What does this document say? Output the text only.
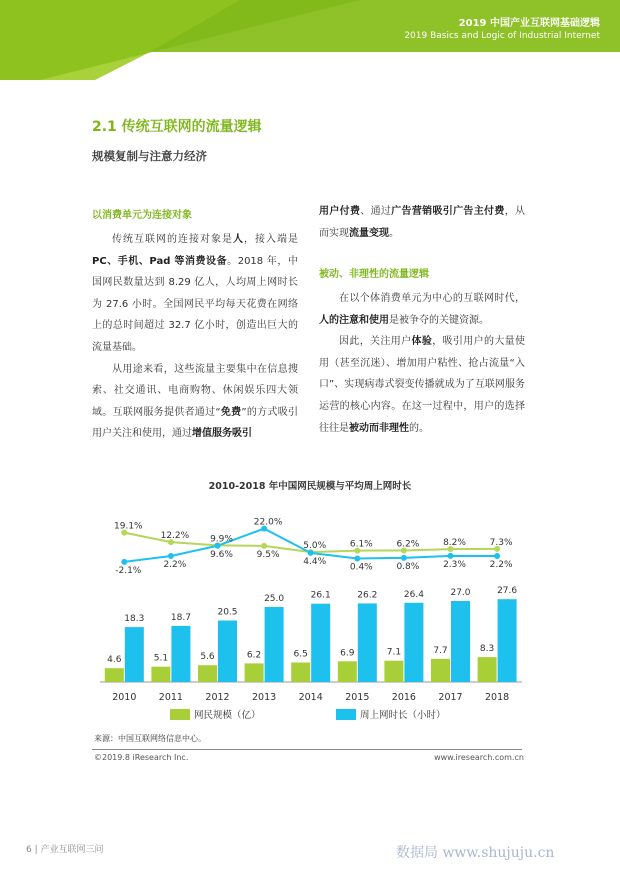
2019 中国产业互联网基础逻辑
2019 Basics and Logic of Industrial Internet
2.1 传统互联网的流量逻辑
规模复制与注意力经济
以消费单元为连接对象

传统互联网的连接对象是人，接入端是PC、手机、Pad 等消费设备。2018 年，中国网民数量达到 8.29 亿人，人均周上网时长为 27.6 小时。全国网民平均每天花费在网络上的总时间超过 32.7 亿小时，创造出巨大的流量基础。

从用途来看，这些流量主要集中在信息搜索、社交通讯、电商购物、休闲娱乐四大领域。互联网服务提供者通过“免费”的方式吸引用户关注和使用，通过增值服务吸引

用户付费、通过广告营销吸引广告主付费，从而实现流量变现。

被动、非理性的流量逻辑

在以个体消费单元为中心的互联网时代，人的注意和使用是被争夺的关键资源。

因此，关注用户体验，吸引用户的大量使用（甚至沉迷）、增加用户粘性、抢占流量“入口”、实现病毒式裂变传播就成为了互联网服务运营的核心内容。在这一过程中，用户的选择往往是被动而非理性的。

2010-2018 年中国网民规模与平均周上网时长
4.6
18.3
2010
5.1
18.7
2011
5.6
20.5
2012
6.2
25.0
2013
6.5
26.1
2014
6.9
26.2
2015
7.1
26.4
2016
7.7
27.0
2017
8.3
27.6
2018
19.1%
-2.1%
12.2%
2.2%
9.9%
9.6%	9.5%
22.0%
5.0%
4.4%
6.1%
0.4%
6.2%
0.8%
8.2%
2.3%
7.3%
2.2%
网民规模（亿）	周上网时长（小时）
来源：中国互联网络信息中心。
©2019.8 iResearch Inc.	www.iresearch.com.cn
6 | 产业互联网三问	数据局 www.shujuju.cn
